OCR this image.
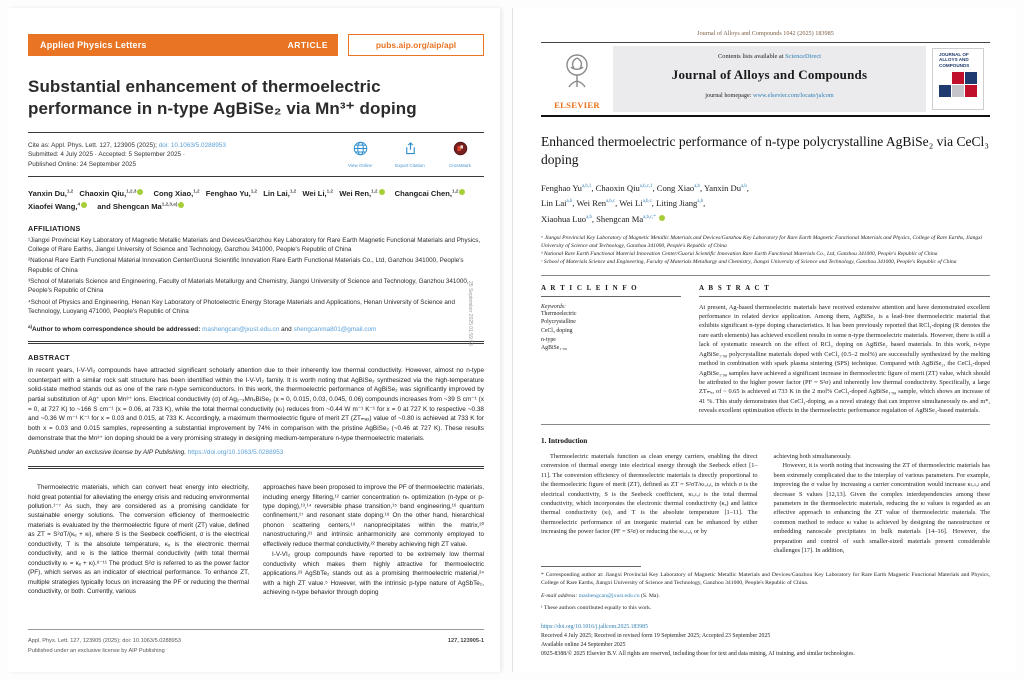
Applied Physics Letters	ARTICLE	pubs.aip.org/aip/apl
Substantial enhancement of thermoelectric performance in n-type AgBiSe₂ via Mn³⁺ doping
Cite as: Appl. Phys. Lett. 127, 123905 (2025); doi: 10.1063/5.0288953
Submitted: 4 July 2025 · Accepted: 5 September 2025 ·
Published Online: 24 September 2025	View Online	Export Citation	CrossMark
Yanxin Du,$^{1,2}$ Chaoxin Qiu,$^{1,2,3}$ Cong Xiao,$^{1,2}$ Fenghao Yu,$^{1,2}$ Lin Lai,$^{1,2}$ Wei Li,$^{1,2}$ Wei Ren,$^{1,2}$ Changcai Chen,$^{1,2}$ Xiaofei Wang,$^4$ and Shengcan Ma$^{1,2,3,a)}$
AFFILIATIONS
¹Jiangxi Provincial Key Laboratory of Magnetic Metallic Materials and Devices/Ganzhou Key Laboratory for Rare Earth Magnetic Functional Materials and Physics, College of Rare Earths, Jiangxi University of Science and Technology, Ganzhou 341000, People's Republic of China
²National Rare Earth Functional Material Innovation Center/Guorui Scientific Innovation Rare Earth Functional Materials Co., Ltd, Ganzhou 341000, People's Republic of China
³School of Materials Science and Engineering, Faculty of Materials Metallurgy and Chemistry, Jiangxi University of Science and Technology, Ganzhou 341000, People's Republic of China
⁴School of Physics and Engineering, Henan Key Laboratory of Photoelectric Energy Storage Materials and Applications, Henan University of Science and Technology, Luoyang 471000, People's Republic of China
$^{a)}$Author to whom correspondence should be addressed: mashengcan@jxust.edu.cn and shengcanma801@gmail.com
ABSTRACT
In recent years, I-V-VI₂ compounds have attracted significant scholarly attention due to their inherently low thermal conductivity. However, almost no n-type counterpart with a similar rock salt structure has been identified within the I-V-VI₂ family. It is worth noting that AgBiSe₂ synthesized via the high-temperature solid-state method stands out as one of the rare n-type semiconductors. In this work, the thermoelectric performance of AgBiSe₂ was significantly improved by partial substitution of Ag⁺ upon Mn³⁺ ions. Electrical conductivity (σ) of Ag₁₋ₓMnₓBiSe₂ (x = 0, 0.015, 0.03, 0.045, 0.06) compounds increases from ~39 S cm⁻¹ (x = 0, at 727 K) to ~166 S cm⁻¹ (x = 0.06, at 733 K), while the total thermal conductivity (κₜ) reduces from ~0.44 W m⁻¹ K⁻¹ for x = 0 at 727 K to respective ~0.38 and ~0.36 W m⁻¹ K⁻¹ for x = 0.03 and 0.015, at 733 K. Accordingly, a maximum thermoelectric figure of merit ZT (ZTₘₐₓ) value of ~0.80 is achieved at 733 K for both x = 0.03 and 0.015 samples, representing a substantial improvement by 74% in comparison with the pristine AgBiSe₂ (~0.46 at 727 K). These results demonstrate that the Mn³⁺ ion doping should be a very promising strategy in designing medium-temperature n-type thermoelectric materials.
Published under an exclusive license by AIP Publishing. https://doi.org/10.1063/5.0288953

Thermoelectric materials, which can convert heat energy into electricity, hold great potential for alleviating the energy crisis and reducing environmental pollution.¹⁻⁷ As such, they are considered as a promising candidate for sustainable energy solutions. The conversion efficiency of thermoelectric materials is evaluated by the thermoelectric figure of merit (ZT) value, defined as ZT = S²σT/(κₑ + κₗ), where S is the Seebeck coefficient, σ is the electrical conductivity, T is the absolute temperature, κₑ is the electronic thermal conductivity, and κₗ is the lattice thermal conductivity (with total thermal conductivity κₜ = κₑ + κₗ).⁸⁻¹¹ The product S²σ is referred to as the power factor (PF), which serves as an indicator of electrical performance. To enhance ZT, multiple strategies typically focus on increasing the PF or reducing the thermal conductivity, or both. Currently, various

approaches have been proposed to improve the PF of thermoelectric materials, including energy filtering,¹² carrier concentration nₕ optimization (n-type or p-type doping),¹³,¹⁴ reversible phase transition,¹⁵ band engineering,¹⁶ quantum confinement,¹⁷ and resonant state doping.¹⁸ On the other hand, hierarchical phonon scattering centers,¹⁹ nanoprecipitates within the matrix,²⁰ nanostructuring,²¹ and intrinsic anharmonicity are commonly employed to effectively reduce thermal conductivity,²² thereby achieving high ZT value.

I-V-VI₂ group compounds have reported to be extremely low thermal conductivity which makes them highly attractive for thermoelectric applications.²³ AgSbTe₂ stands out as a promising thermoelectric material,²⁴ with a high ZT value.⁵ However, with the intrinsic p-type nature of AgSbTe₂, achieving n-type behavior through doping

Appl. Phys. Lett. 127, 123905 (2025); doi: 10.1063/5.0288953
Published under an exclusive license by AIP Publishing
127, 123905-1
25 September 2025 01:59:53
Journal of Alloys and Compounds 1042 (2025) 183985
ELSEVIER
Contents lists available at ScienceDirect
Journal of Alloys and Compounds
journal homepage: www.elsevier.com/locate/jalcom
JOURNAL OF ALLOYS AND COMPOUNDS
Enhanced thermoelectric performance of n-type polycrystalline AgBiSe₂ via CeCl₃ doping
Fenghao Yu$^{a,b,1}$, Chaoxin Qiu$^{a,b,c,1}$, Cong Xiao$^{a,b}$, Yanxin Du$^{a,b}$,
Lin Lai$^{a,b}$, Wei Ren$^{a,b,c}$, Wei Li$^{a,b,c}$, Liting Jiang$^{a,b}$,
Xiaohua Luo$^{a,b}$, Shengcan $Ma^{a,b,c,*}$
ᵃ Jiangxi Provincial Key Laboratory of Magnetic Metallic Materials and Devices/Ganzhou Key Laboratory for Rare Earth Magnetic Functional Materials and Physics, College of Rare Earths, Jiangxi University of Science and Technology, Ganzhou 341000, People's Republic of China
ᵇ National Rare Earth Functional Material Innovation Center/Guorui Scientific Innovation Rare Earth Functional Materials Co., Ltd, Ganzhou 341000, People's Republic of China
ᶜ School of Materials Science and Engineering, Faculty of Materials Metallurgy and Chemistry, Jiangxi University of Science and Technology, Ganzhou 341000, People's Republic of China
A R T I C L E I N F O
Keywords:
Thermoelectric
Polycrystalline
CeCl₃ doping
n-type
AgBiSe₁.₉₈
A B S T R A C T
At present, Ag-based thermoelectric materials have received extensive attention and have demonstrated excellent performance in related device application. Among them, AgBiSe₂ is a lead-free thermoelectric material that exhibits significant n-type doping characteristics. It has been previously reported that RCl₃-doping (R denotes the rare earth elements) has achieved excellent results in some n-type thermoelectric materials. However, there is still a lack of systematic research on the effect of RCl₃ doping on AgBiSe₂ based materials. In this work, n-type AgBiSe₁.₉₈ polycrystalline materials doped with CeCl₃ (0.5–2 mol%) are successfully synthesized by the melting method in combination with spark plasma sintering (SPS) technique. Compared with AgBiSe₂, the CeCl₃-doped AgBiSe₁.₉₈ samples have achieved a significant increase in thermoelectric figure of merit (ZT) value, which should be attributed to the higher power factor (PF = S²σ) and inherently low thermal conductivity. Specifically, a large ZTₘₐₓ of ~ 0.65 is achieved at 733 K in the 2 mol% CeCl₃-doped AgBiSe₁.₉₈ sample, which shows an increase of 41 %. This study demonstrates that CeCl₃-doping, as a novel strategy that can improve simultaneously nₕ and m*, reveals excellent optimization effects in the thermoelectric performance regulation of AgBiSe₂-based materials.
1. Introduction

Thermoelectric materials function as clean energy carriers, enabling the direct conversion of thermal energy into electrical energy through the Seebeck effect [1–11]. The conversion efficiency of thermoelectric materials is directly proportional to the thermoelectric figure of merit (ZT), defined as ZT = S²σT/κₜₒₜₐₗ, in which σ is the electrical conductivity, S is the Seebeck coefficient, κₜₒₜₐₗ is the total thermal conductivity, which incorporates the electronic thermal conductivity (κₑ) and lattice thermal conductivity (κₗ), and T is the absolute temperature [1–11]. The thermoelectric performance of an inorganic material can be enhanced by either increasing the power factor (PF = S²σ) or reducing the κₜₒₜₐₗ, or by

achieving both simultaneously.

However, it is worth noting that increasing the ZT of thermoelectric materials has been extremely complicated due to the interplay of various parameters. For example, improving the σ value by increasing a carrier concentration would increase κₜₒₜₐₗ and decrease S values [12,13]. Given the complex interdependencies among these parameters in the thermoelectric materials, reducing the κₗ values is regarded as an effective approach to enhancing the ZT value of thermoelectric materials. The common method to reduce κₗ value is achieved by designing the nanostructure or embedding nanoscale precipitates in bulk materials [14–16]. However, the preparation and control of such smaller-sized materials present considerable challenges [17]. In addition,

* Corresponding author at: Jiangxi Provincial Key Laboratory of Magnetic Metallic Materials and Devices/Ganzhou Key Laboratory for Rare Earth Magnetic Functional Materials and Physics, College of Rare Earths, Jiangxi University of Science and Technology, Ganzhou 341000, People's Republic of China.
E-mail address: mashengcan@jxust.edu.cn (S. Ma).
¹ These authors contributed equally to this work.
https://doi.org/10.1016/j.jallcom.2025.183985
Received 4 July 2025; Received in revised form 19 September 2025; Accepted 23 September 2025
Available online 24 September 2025
0925-8388/© 2025 Elsevier B.V. All rights are reserved, including those for text and data mining, AI training, and similar technologies.
